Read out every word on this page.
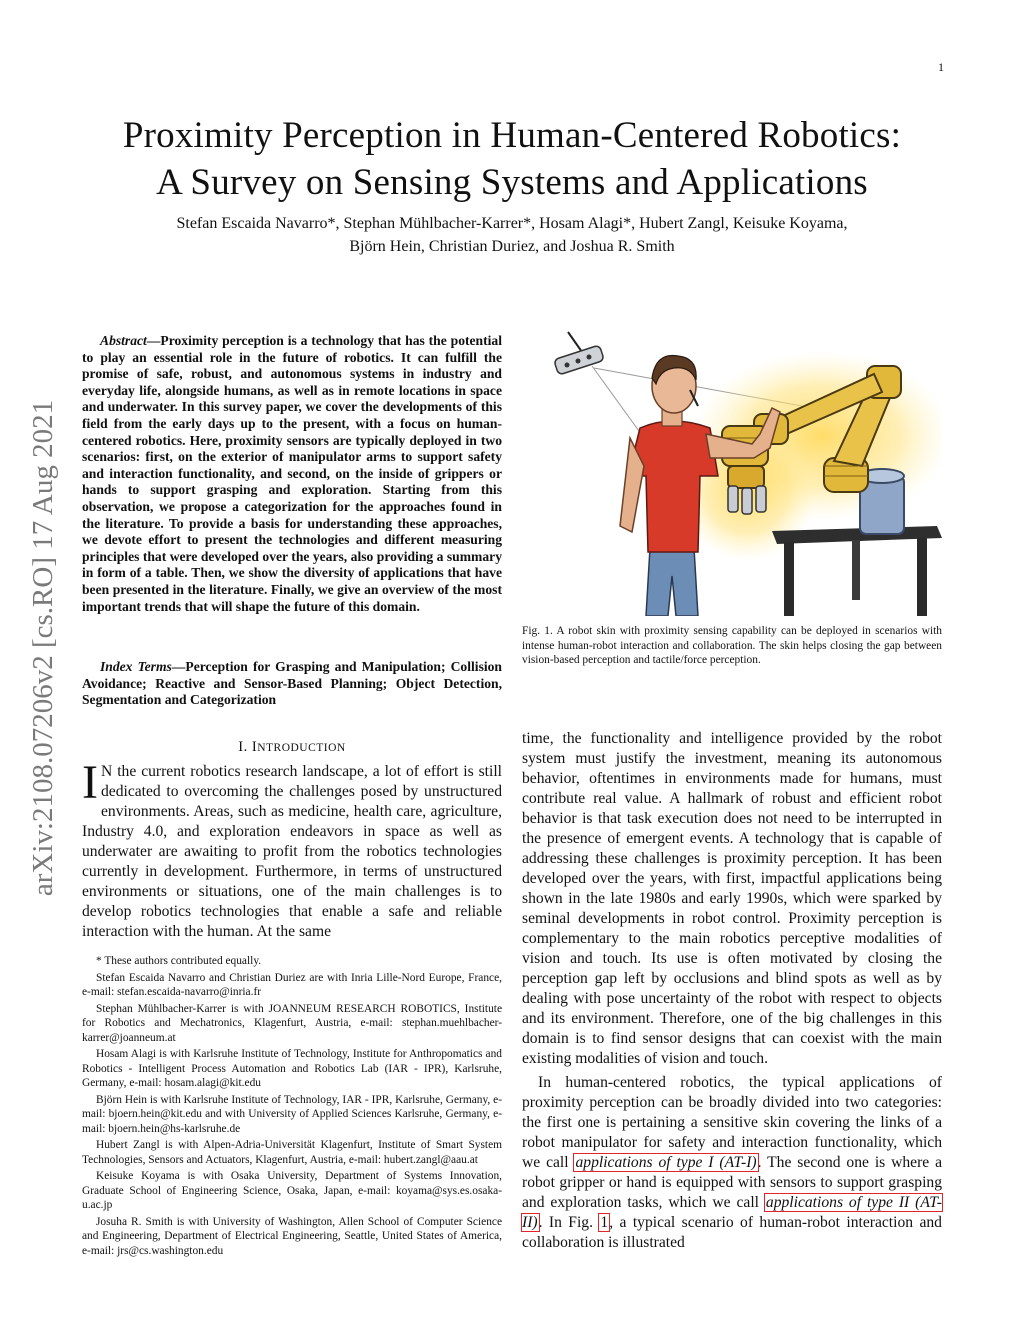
1
Proximity Perception in Human-Centered Robotics:
A Survey on Sensing Systems and Applications
Stefan Escaida Navarro*, Stephan Mühlbacher-Karrer*, Hosam Alagi*, Hubert Zangl, Keisuke Koyama,
Björn Hein, Christian Duriez, and Joshua R. Smith
arXiv:2108.07206v2 [cs.RO] 17 Aug 2021
Abstract—Proximity perception is a technology that has the potential to play an essential role in the future of robotics. It can fulfill the promise of safe, robust, and autonomous systems in industry and everyday life, alongside humans, as well as in remote locations in space and underwater. In this survey paper, we cover the developments of this field from the early days up to the present, with a focus on human-centered robotics. Here, proximity sensors are typically deployed in two scenarios: first, on the exterior of manipulator arms to support safety and interaction functionality, and second, on the inside of grippers or hands to support grasping and exploration. Starting from this observation, we propose a categorization for the approaches found in the literature. To provide a basis for understanding these approaches, we devote effort to present the technologies and different measuring principles that were developed over the years, also providing a summary in form of a table. Then, we show the diversity of applications that have been presented in the literature. Finally, we give an overview of the most important trends that will shape the future of this domain.
Index Terms—Perception for Grasping and Manipulation; Collision Avoidance; Reactive and Sensor-Based Planning; Object Detection, Segmentation and Categorization
I. INTRODUCTION
I N the current robotics research landscape, a lot of effort is still dedicated to overcoming the challenges posed by unstructured environments. Areas, such as medicine, health care, agriculture, Industry 4.0, and exploration endeavors in space as well as underwater are awaiting to profit from the robotics technologies currently in development. Furthermore, in terms of unstructured environments or situations, one of the main challenges is to develop robotics technologies that enable a safe and reliable interaction with the human. At the same

* These authors contributed equally.

Stefan Escaida Navarro and Christian Duriez are with Inria Lille-Nord Europe, France, e-mail: stefan.escaida-navarro@inria.fr

Stephan Mühlbacher-Karrer is with JOANNEUM RESEARCH ROBOTICS, Institute for Robotics and Mechatronics, Klagenfurt, Austria, e-mail: stephan.muehlbacher-karrer@joanneum.at

Hosam Alagi is with Karlsruhe Institute of Technology, Institute for Anthropomatics and Robotics - Intelligent Process Automation and Robotics Lab (IAR - IPR), Karlsruhe, Germany, e-mail: hosam.alagi@kit.edu

Björn Hein is with Karlsruhe Institute of Technology, IAR - IPR, Karlsruhe, Germany, e-mail: bjoern.hein@kit.edu and with University of Applied Sciences Karlsruhe, Germany, e-mail: bjoern.hein@hs-karlsruhe.de

Hubert Zangl is with Alpen-Adria-Universität Klagenfurt, Institute of Smart System Technologies, Sensors and Actuators, Klagenfurt, Austria, e-mail: hubert.zangl@aau.at

Keisuke Koyama is with Osaka University, Department of Systems Innovation, Graduate School of Engineering Science, Osaka, Japan, e-mail: koyama@sys.es.osaka-u.ac.jp

Josuha R. Smith is with University of Washington, Allen School of Computer Science and Engineering, Department of Electrical Engineering, Seattle, United States of America, e-mail: jrs@cs.washington.edu

Fig. 1. A robot skin with proximity sensing capability can be deployed in scenarios with intense human-robot interaction and collaboration. The skin helps closing the gap between vision-based perception and tactile/force perception.

time, the functionality and intelligence provided by the robot system must justify the investment, meaning its autonomous behavior, oftentimes in environments made for humans, must contribute real value. A hallmark of robust and efficient robot behavior is that task execution does not need to be interrupted in the presence of emergent events. A technology that is capable of addressing these challenges is proximity perception. It has been developed over the years, with first, impactful applications being shown in the late 1980s and early 1990s, which were sparked by seminal developments in robot control. Proximity perception is complementary to the main robotics perceptive modalities of vision and touch. Its use is often motivated by closing the perception gap left by occlusions and blind spots as well as by dealing with pose uncertainty of the robot with respect to objects and its environment. Therefore, one of the big challenges in this domain is to find sensor designs that can coexist with the main existing modalities of vision and touch.

In human-centered robotics, the typical applications of proximity perception can be broadly divided into two categories: the first one is pertaining a sensitive skin covering the links of a robot manipulator for safety and interaction functionality, which we call applications of type I (AT-I). The second one is where a robot gripper or hand is equipped with sensors to support grasping and exploration tasks, which we call applications of type II (AT-II). In Fig. 1, a typical scenario of human-robot interaction and collaboration is illustrated
